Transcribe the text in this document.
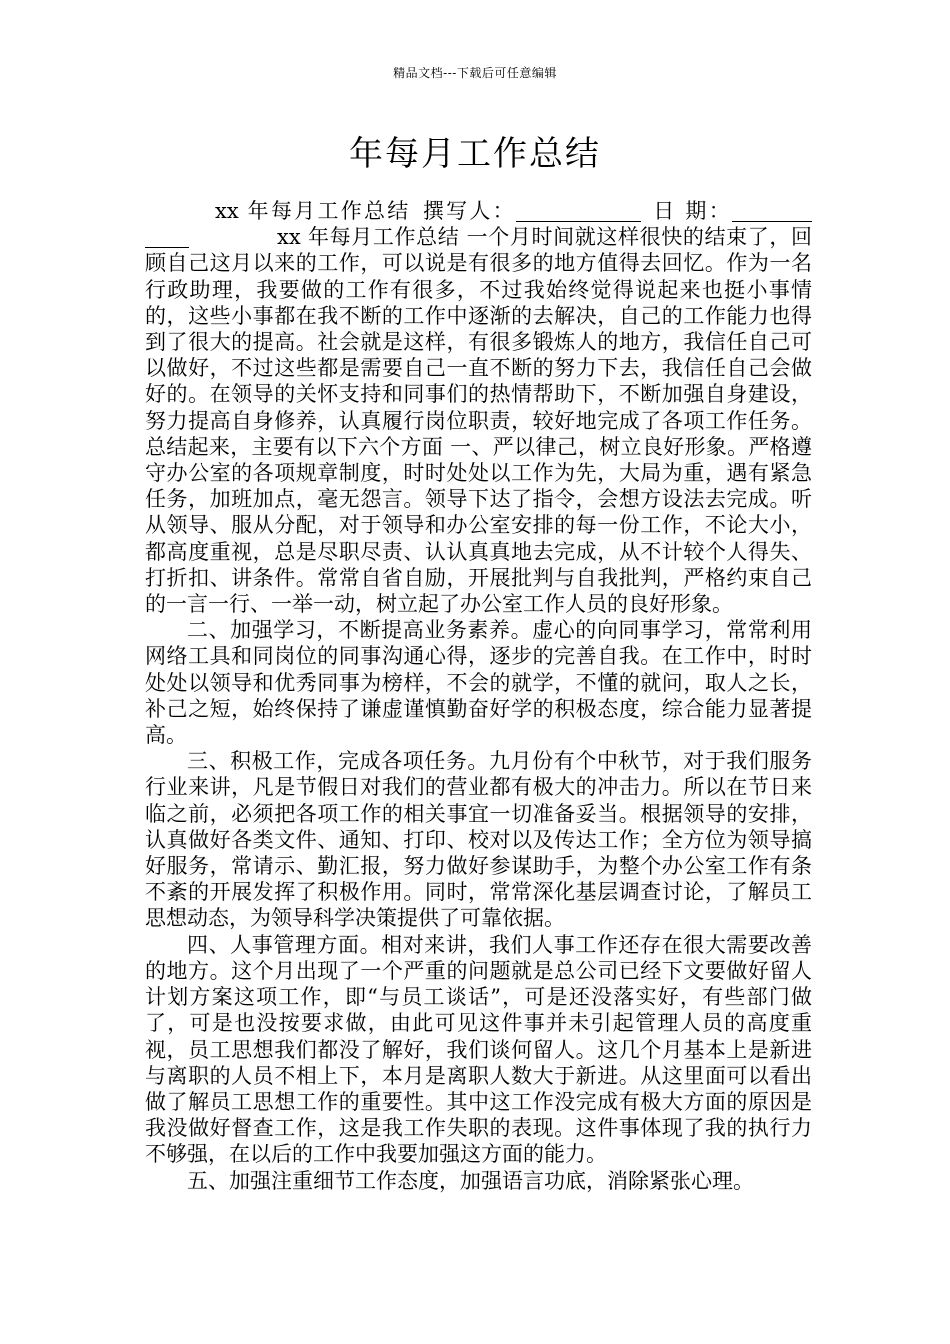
精品文档---下载后可任意编辑
年每月工作总结

xx 年每月工作总结 撰写人：	日 期：xx 年每月工作总结 一个月时间就这样很快的结束了，回顾自己这月以来的工作，可以说是有很多的地方值得去回忆。作为一名行政助理，我要做的工作有很多，不过我始终觉得说起来也挺小事情的，这些小事都在我不断的工作中逐渐的去解决，自己的工作能力也得到了很大的提高。社会就是这样，有很多锻炼人的地方，我信任自己可以做好，不过这些都是需要自己一直不断的努力下去，我信任自己会做好的。在领导的关怀支持和同事们的热情帮助下，不断加强自身建设，努力提高自身修养，认真履行岗位职责，较好地完成了各项工作任务。总结起来，主要有以下六个方面 一、严以律己，树立良好形象。严格遵守办公室的各项规章制度，时时处处以工作为先，大局为重，遇有紧急任务，加班加点，毫无怨言。领导下达了指令，会想方设法去完成。听从领导、服从分配，对于领导和办公室安排的每一份工作，不论大小，都高度重视，总是尽职尽责、认认真真地去完成，从不计较个人得失、打折扣、讲条件。常常自省自励，开展批判与自我批判，严格约束自己的一言一行、一举一动，树立起了办公室工作人员的良好形象。

二、加强学习，不断提高业务素养。虚心的向同事学习，常常利用网络工具和同岗位的同事沟通心得，逐步的完善自我。在工作中，时时处处以领导和优秀同事为榜样，不会的就学，不懂的就问，取人之长，补己之短，始终保持了谦虚谨慎勤奋好学的积极态度，综合能力显著提高。

三、积极工作，完成各项任务。九月份有个中秋节，对于我们服务行业来讲，凡是节假日对我们的营业都有极大的冲击力。所以在节日来临之前，必须把各项工作的相关事宜一切准备妥当。根据领导的安排，认真做好各类文件、通知、打印、校对以及传达工作；全方位为领导搞好服务，常请示、勤汇报，努力做好参谋助手，为整个办公室工作有条不紊的开展发挥了积极作用。同时，常常深化基层调查讨论，了解员工思想动态，为领导科学决策提供了可靠依据。

四、人事管理方面。相对来讲，我们人事工作还存在很大需要改善的地方。这个月出现了一个严重的问题就是总公司已经下文要做好留人计划方案这项工作，即“与员工谈话”，可是还没落实好，有些部门做了，可是也没按要求做，由此可见这件事并未引起管理人员的高度重视，员工思想我们都没了解好，我们谈何留人。这几个月基本上是新进与离职的人员不相上下，本月是离职人数大于新进。从这里面可以看出做了解员工思想工作的重要性。其中这工作没完成有极大方面的原因是我没做好督查工作，这是我工作失职的表现。这件事体现了我的执行力不够强，在以后的工作中我要加强这方面的能力。

五、加强注重细节工作态度，加强语言功底，消除紧张心理。
